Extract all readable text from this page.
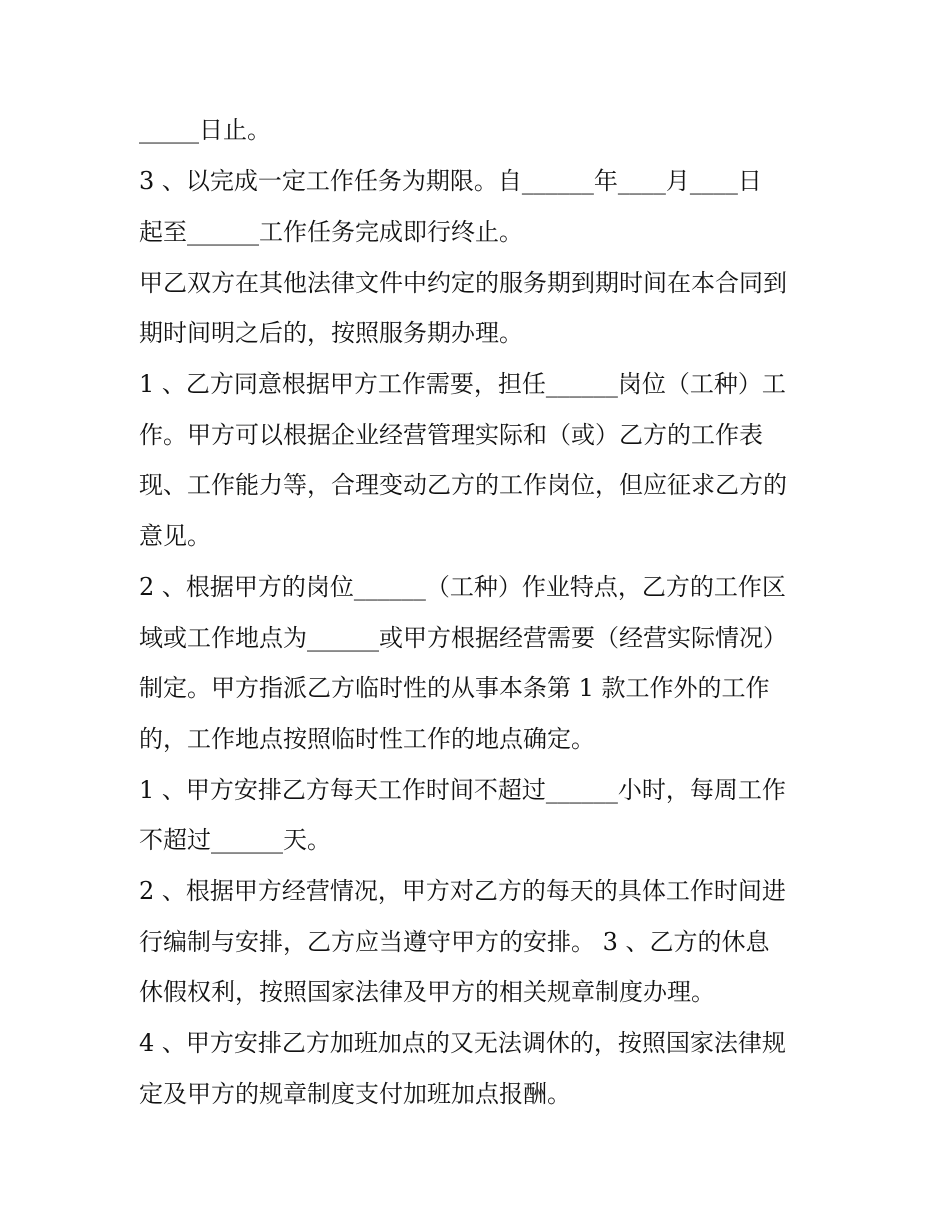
_____日止。
3 、以完成一定工作任务为期限。自______年____月____日
起至______工作任务完成即行终止。
甲乙双方在其他法律文件中约定的服务期到期时间在本合同到
期时间明之后的，按照服务期办理。
1 、乙方同意根据甲方工作需要，担任______岗位（工种）工
作。甲方可以根据企业经营管理实际和（或）乙方的工作表
现、工作能力等，合理变动乙方的工作岗位，但应征求乙方的
意见。
2 、根据甲方的岗位______（工种）作业特点，乙方的工作区
域或工作地点为______或甲方根据经营需要（经营实际情况）
制定。甲方指派乙方临时性的从事本条第 1 款工作外的工作
的，工作地点按照临时性工作的地点确定。
1 、甲方安排乙方每天工作时间不超过______小时，每周工作
不超过______天。
2 、根据甲方经营情况，甲方对乙方的每天的具体工作时间进
行编制与安排，乙方应当遵守甲方的安排。 3 、乙方的休息
休假权利，按照国家法律及甲方的相关规章制度办理。
4 、甲方安排乙方加班加点的又无法调休的，按照国家法律规
定及甲方的规章制度支付加班加点报酬。
